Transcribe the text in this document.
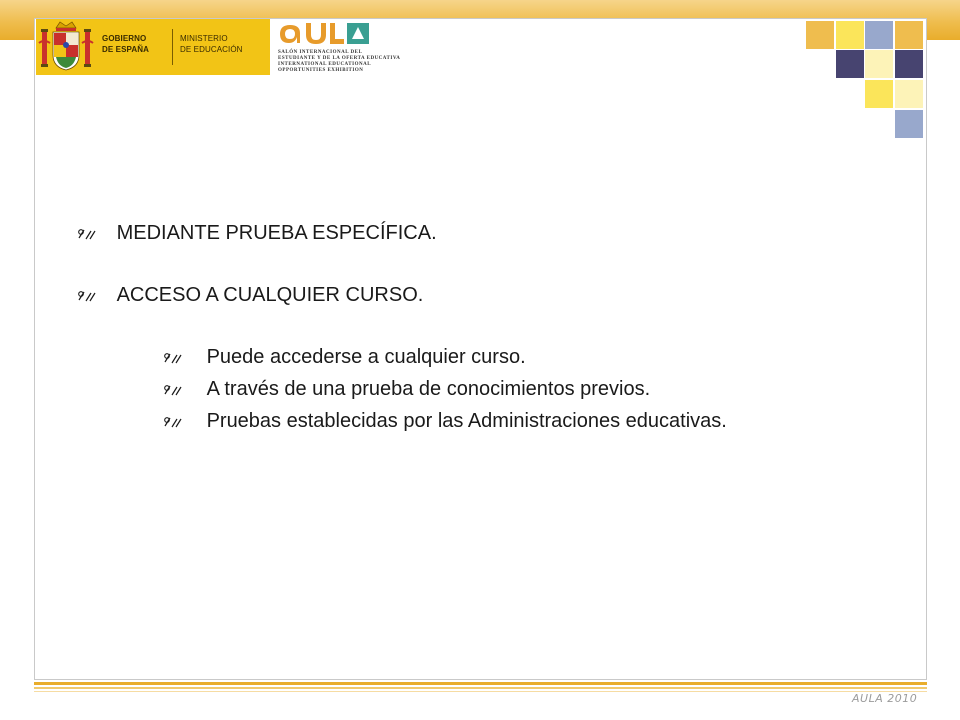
GOBIERNO
DE ESPAÑA
MINISTERIO
DE EDUCACIÓN	SALÓN INTERNACIONAL DEL
ESTUDIANTE Y DE LA OFERTA EDUCATIVA
INTERNATIONAL EDUCATIONAL
OPPORTUNITIES EXHIBITION
MEDIANTE PRUEBA ESPECÍFICA.
ACCESO A CUALQUIER CURSO.
Puede accederse a cualquier curso.
A través de una prueba de conocimientos previos.
Pruebas establecidas por las Administraciones educativas.
AULA 2010
